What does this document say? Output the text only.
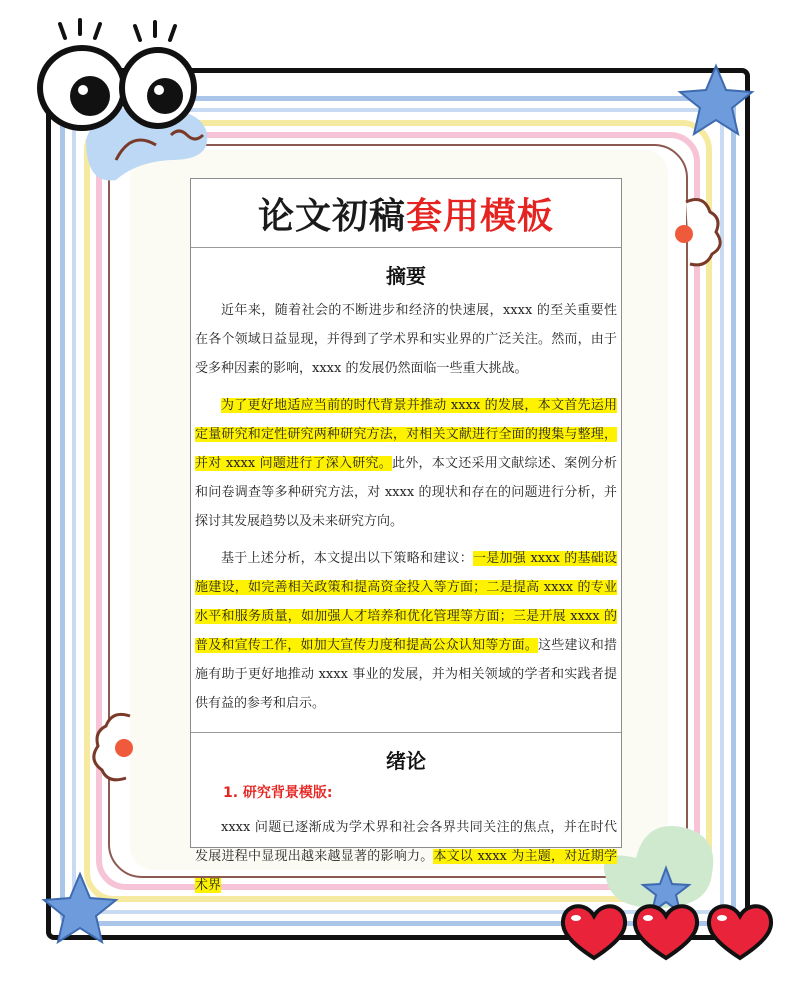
论文初稿 套用模板
摘要

近年来，随着社会的不断进步和经济的快速展，xxxx 的至关重要性在各个领域日益显现，并得到了学术界和实业界的广泛关注。然而，由于受多种因素的影响，xxxx 的发展仍然面临一些重大挑战。

为了更好地适应当前的时代背景并推动 xxxx 的发展，本文首先运用定量研究和定性研究两种研究方法，对相关文献进行全面的搜集与整理，并对 xxxx 问题进行了深入研究。此外，本文还采用文献综述、案例分析和问卷调查等多种研究方法，对 xxxx 的现状和存在的问题进行分析，并探讨其发展趋势以及未来研究方向。

基于上述分析，本文提出以下策略和建议：一是加强 xxxx 的基础设施建设，如完善相关政策和提高资金投入等方面；二是提高 xxxx 的专业水平和服务质量，如加强人才培养和优化管理等方面；三是开展 xxxx 的普及和宣传工作，如加大宣传力度和提高公众认知等方面。这些建议和措施有助于更好地推动 xxxx 事业的发展，并为相关领域的学者和实践者提供有益的参考和启示。

绪论
1. 研究背景模版:

xxxx 问题已逐渐成为学术界和社会各界共同关注的焦点，并在时代发展进程中显现出越来越显著的影响力。本文以 xxxx 为主题，对近期学术界
